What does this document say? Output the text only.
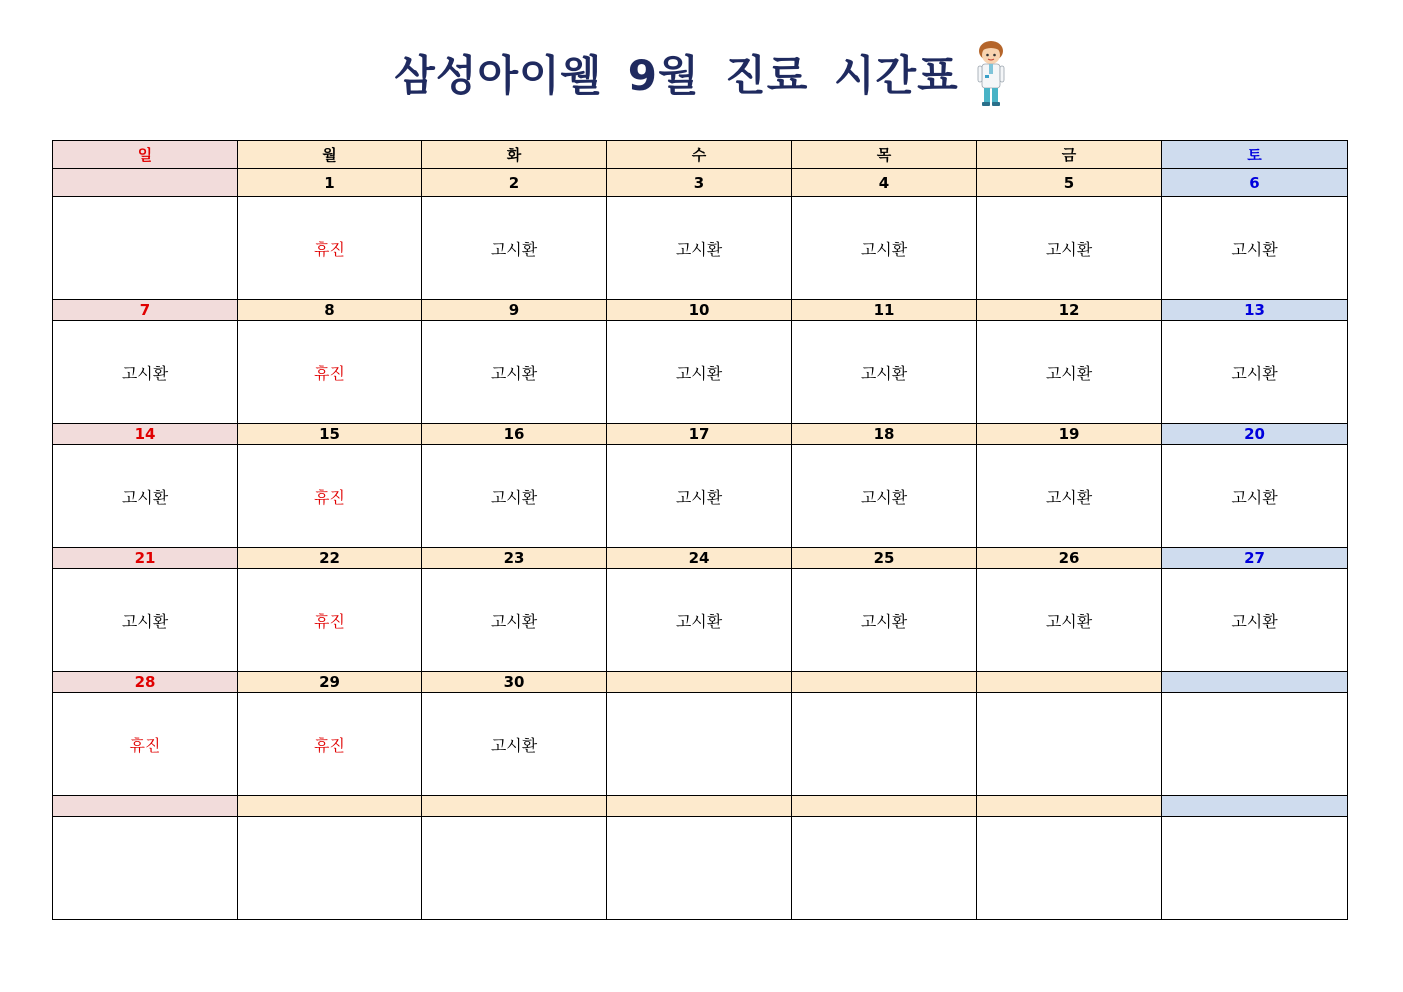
삼성아이웰 9월 진료 시간표
일	월	화	수	목	금	토
	1	2	3	4	5	6
	휴진	고시환	고시환	고시환	고시환	고시환
7	8	9	10	11	12	13
고시환	휴진	고시환	고시환	고시환	고시환	고시환
14	15	16	17	18	19	20
고시환	휴진	고시환	고시환	고시환	고시환	고시환
21	22	23	24	25	26	27
고시환	휴진	고시환	고시환	고시환	고시환	고시환
28	29	30				
휴진	휴진	고시환				
